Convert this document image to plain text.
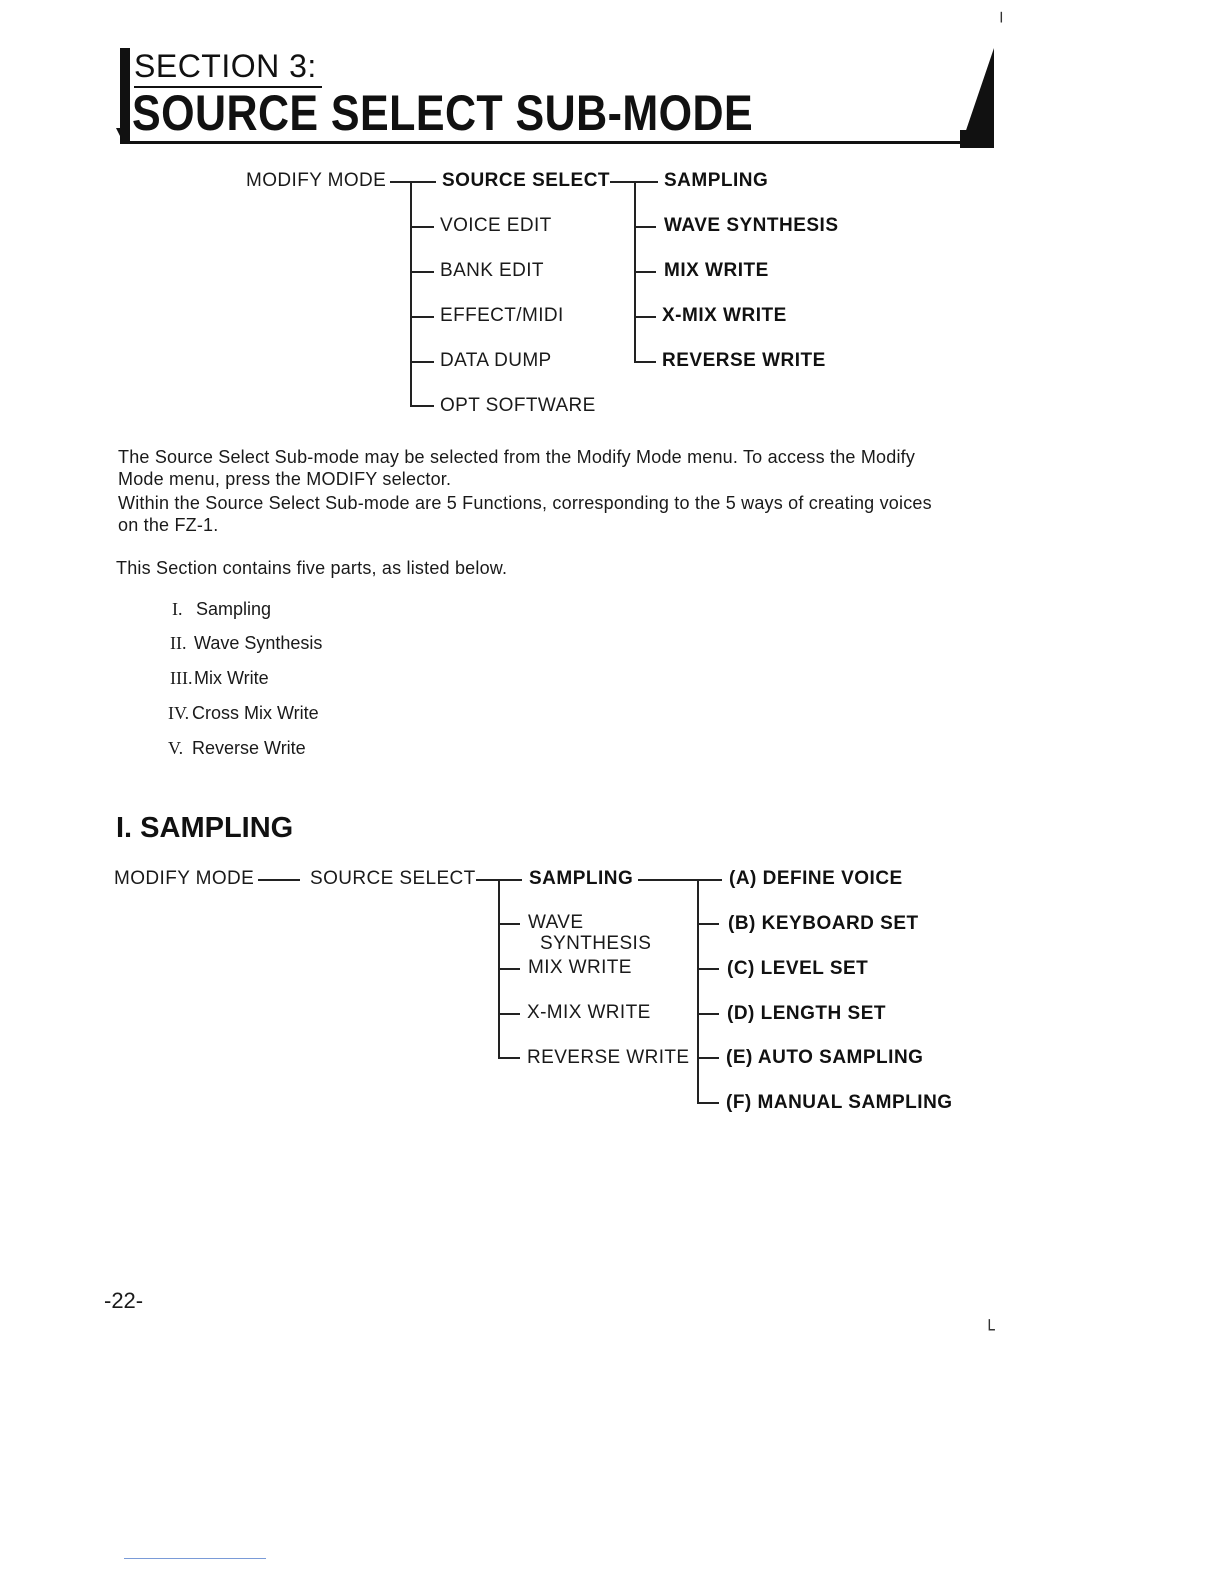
SECTION 3:
SOURCE SELECT SUB-MODE
MODIFY MODE	SOURCE SELECT
VOICE EDIT
BANK EDIT
EFFECT/MIDI
DATA DUMP
OPT SOFTWARE
SAMPLING
WAVE SYNTHESIS
MIX WRITE
X-MIX WRITE
REVERSE WRITE
The Source Select Sub-mode may be selected from the Modify Mode menu. To access the Modify
Mode menu, press the MODIFY selector.
Within the Source Select Sub-mode are 5 Functions, corresponding to the 5 ways of creating voices
on the FZ-1.
This Section contains five parts, as listed below.
I. Sampling
II. Wave Synthesis
III.Mix Write
IV. Cross Mix Write
V. Reverse Write
I. SAMPLING
MODIFY MODE	SOURCE SELECT	SAMPLING
WAVE
SYNTHESIS
MIX WRITE
X-MIX WRITE
REVERSE WRITE
(A) DEFINE VOICE
(B) KEYBOARD SET
(C) LEVEL SET
(D) LENGTH SET
(E) AUTO SAMPLING
(F) MANUAL SAMPLING
-22-
╷
└
